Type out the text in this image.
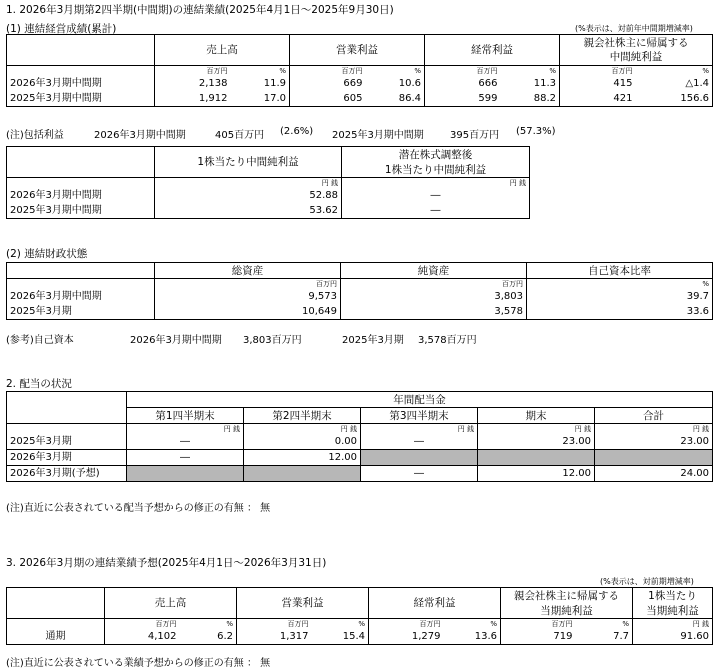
1. 2026年3月期第2四半期(中間期)の連結業績(2025年4月1日～2025年9月30日)
(1) 連結経営成績(累計)	(%表示は、対前年中間期増減率)
	売上高		営業利益		経常利益		親会社株主に帰属する	
							中間純利益	
	百万円	%	百万円	%	百万円	%	百万円	%
2026年3月期中間期	2,138	11.9	669	10.6	666	11.3	415	△1.4
2025年3月期中間期	1,912	17.0	605	86.4	599	88.2	421	156.6
(注)包括利益	2026年3月期中間期	405百万円 (2.6%) 2025年3月期中間期	395百万円 (57.3%)
	1株当たり中間純利益	潜在株式調整後
		1株当たり中間純利益
	円 銭	円 銭
2026年3月期中間期	52.88	―
2025年3月期中間期	53.62	―
(2) 連結財政状態
	総資産	純資産	自己資本比率
	百万円	百万円	%
2026年3月期中間期	9,573	3,803	39.7
2025年3月期	10,649	3,578	33.6
(参考)自己資本	2026年3月期中間期 3,803百万円	2025年3月期 3,578百万円
2. 配当の状況
	年間配当金				
	第1四半期末	第2四半期末	第3四半期末	期末	合計
	円 銭	円 銭	円 銭	円 銭	円 銭
2025年3月期	―	0.00	―	23.00	23.00
2026年3月期	―	12.00			
2026年3月期(予想)			―	12.00	24.00
(注)直近に公表されている配当予想からの修正の有無 ： 無
3. 2026年3月期の連結業績予想(2025年4月1日～2026年3月31日)
(%表示は、対前期増減率)
	売上高		営業利益		経常利益		親会社株主に帰属する		1株当たり
							当期純利益		当期純利益
	百万円	%	百万円	%	百万円	%	百万円	%	円 銭
通期	4,102	6.2	1,317	15.4	1,279	13.6	719	7.7	91.60
(注)直近に公表されている業績予想からの修正の有無 ： 無
